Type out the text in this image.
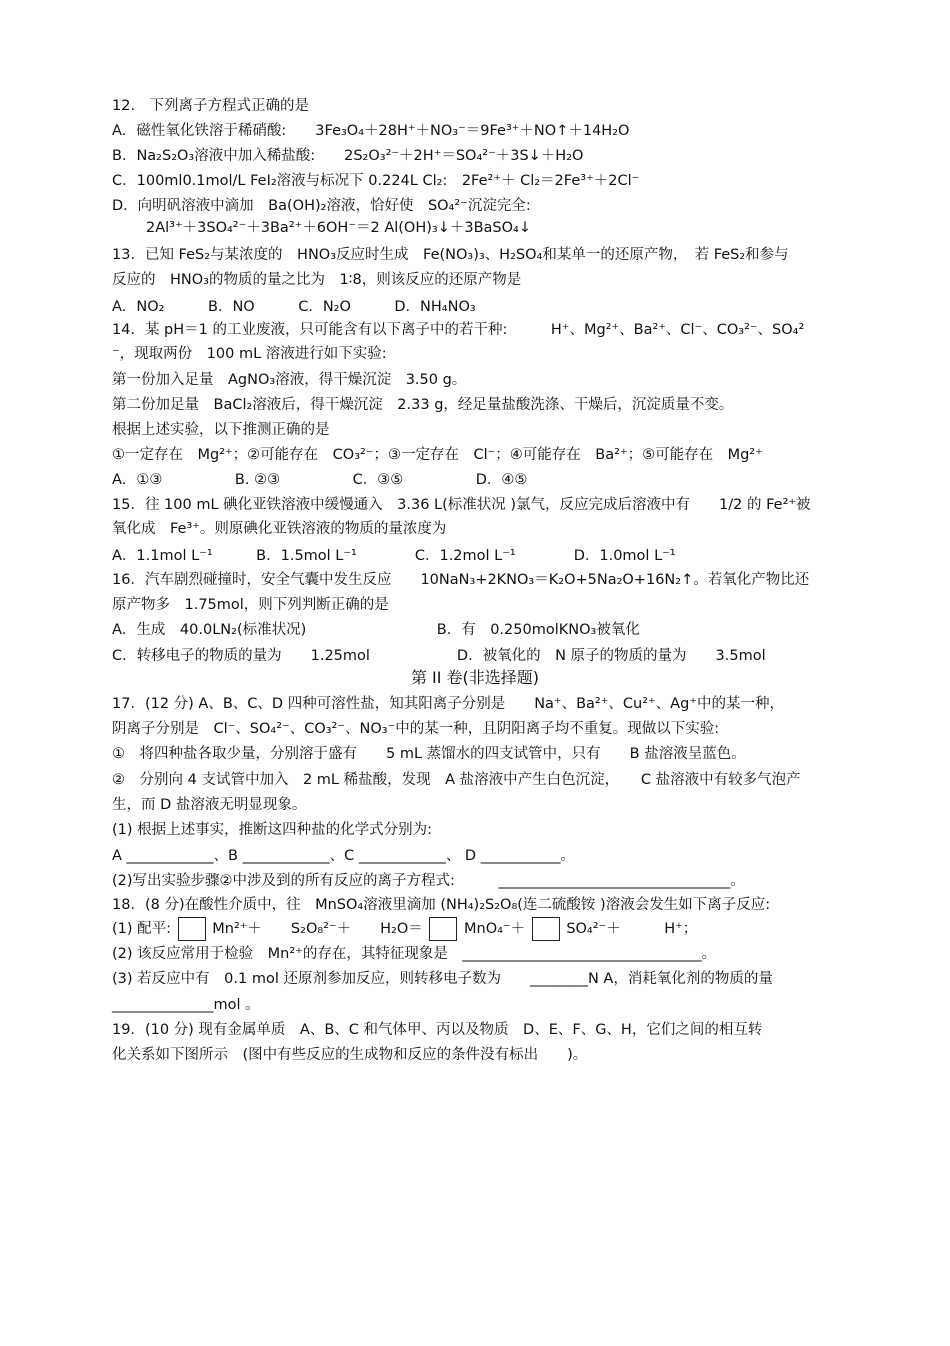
12.　下列离子方程式正确的是
A．磁性氧化铁溶于稀硝酸:　　3Fe₃O₄＋28H⁺＋NO₃⁻＝9Fe³⁺＋NO↑＋14H₂O
B．Na₂S₂O₃溶液中加入稀盐酸:　　2S₂O₃²⁻＋2H⁺＝SO₄²⁻＋3S↓＋H₂O
C．100ml0.1mol/L FeI₂溶液与标况下 0.224L Cl₂:　2Fe²⁺＋ Cl₂＝2Fe³⁺＋2Cl⁻
D．向明矾溶液中滴加　Ba(OH)₂溶液，恰好使　SO₄²⁻沉淀完全:
2Al³⁺＋3SO₄²⁻＋3Ba²⁺＋6OH⁻＝2 Al(OH)₃↓＋3BaSO₄↓
13．已知 FeS₂与某浓度的　HNO₃反应时生成　Fe(NO₃)₃、H₂SO₄和某单一的还原产物，　若 FeS₂和参与
反应的　HNO₃的物质的量之比为　1∶8，则该反应的还原产物是
A．NO₂　　　B．NO　　　C．N₂O　　　D．NH₄NO₃
14．某 pH＝1 的工业废液，只可能含有以下离子中的若干种:　　　H⁺、Mg²⁺、Ba²⁺、Cl⁻、CO₃²⁻、SO₄²
⁻，现取两份　100 mL 溶液进行如下实验:
第一份加入足量　AgNO₃溶液，得干燥沉淀　3.50 g。
第二份加足量　BaCl₂溶液后，得干燥沉淀　2.33 g，经足量盐酸洗涤、干燥后，沉淀质量不变。
根据上述实验，以下推测正确的是
①一定存在　Mg²⁺；②可能存在　CO₃²⁻；③一定存在　Cl⁻；④可能存在　Ba²⁺；⑤可能存在　Mg²⁺
A．①③　　　　　B. ②③　　　　　C．③⑤　　　　　D．④⑤
15．往 100 mL 碘化亚铁溶液中缓慢通入　3.36 L(标准状况 )氯气，反应完成后溶液中有　　1/2 的 Fe²⁺被
氧化成　Fe³⁺。则原碘化亚铁溶液的物质的量浓度为
A．1.1mol L⁻¹　　　B．1.5mol L⁻¹　　　　C．1.2mol L⁻¹　　　　D．1.0mol L⁻¹
16．汽车剧烈碰撞时，安全气囊中发生反应　　10NaN₃+2KNO₃＝K₂O+5Na₂O+16N₂↑。若氧化产物比还
原产物多　1.75mol，则下列判断正确的是
A．生成　40.0LN₂(标准状况)　　　　　　　　　B．有　0.250molKNO₃被氧化
C．转移电子的物质的量为　　1.25mol　　　　　　D．被氧化的　N 原子的物质的量为　　3.5mol
第 II 卷(非选择题)
17．(12 分) A、B、C、D 四种可溶性盐，知其阳离子分别是　　Na⁺、Ba²⁺、Cu²⁺、Ag⁺中的某一种，
阴离子分别是　Cl⁻、SO₄²⁻、CO₃²⁻、NO₃⁻中的某一种，且阴阳离子均不重复。现做以下实验:
①　将四种盐各取少量，分别溶于盛有　　5 mL 蒸馏水的四支试管中，只有　　B 盐溶液呈蓝色。
②　分别向 4 支试管中加入　2 mL 稀盐酸，发现　A 盐溶液中产生白色沉淀，　　C 盐溶液中有较多气泡产
生，而 D 盐溶液无明显现象。
(1) 根据上述事实，推断这四种盐的化学式分别为:
A ____________、B ____________、C ____________、 D ___________。
(2)写出实验步骤②中涉及到的所有反应的离子方程式:　　　________________________________。
18．(8 分)在酸性介质中，往　MnSO₄溶液里滴加 (NH₄)₂S₂O₈(连二硫酸铵 )溶液会发生如下离子反应:
(1) 配平:	Mn²⁺＋　　S₂O₈²⁻＋　　H₂O＝	MnO₄⁻＋	SO₄²⁻＋　　　H⁺；
(2) 该反应常用于检验　Mn²⁺的存在，其特征现象是　_________________________________。
(3) 若反应中有　0.1 mol 还原剂参加反应，则转移电子数为　　________N A，消耗氧化剂的物质的量
______________mol 。
19．(10 分) 现有金属单质　A、B、C 和气体甲、丙以及物质　D、E、F、G、H，它们之间的相互转
化关系如下图所示　(图中有些反应的生成物和反应的条件没有标出　　)。
